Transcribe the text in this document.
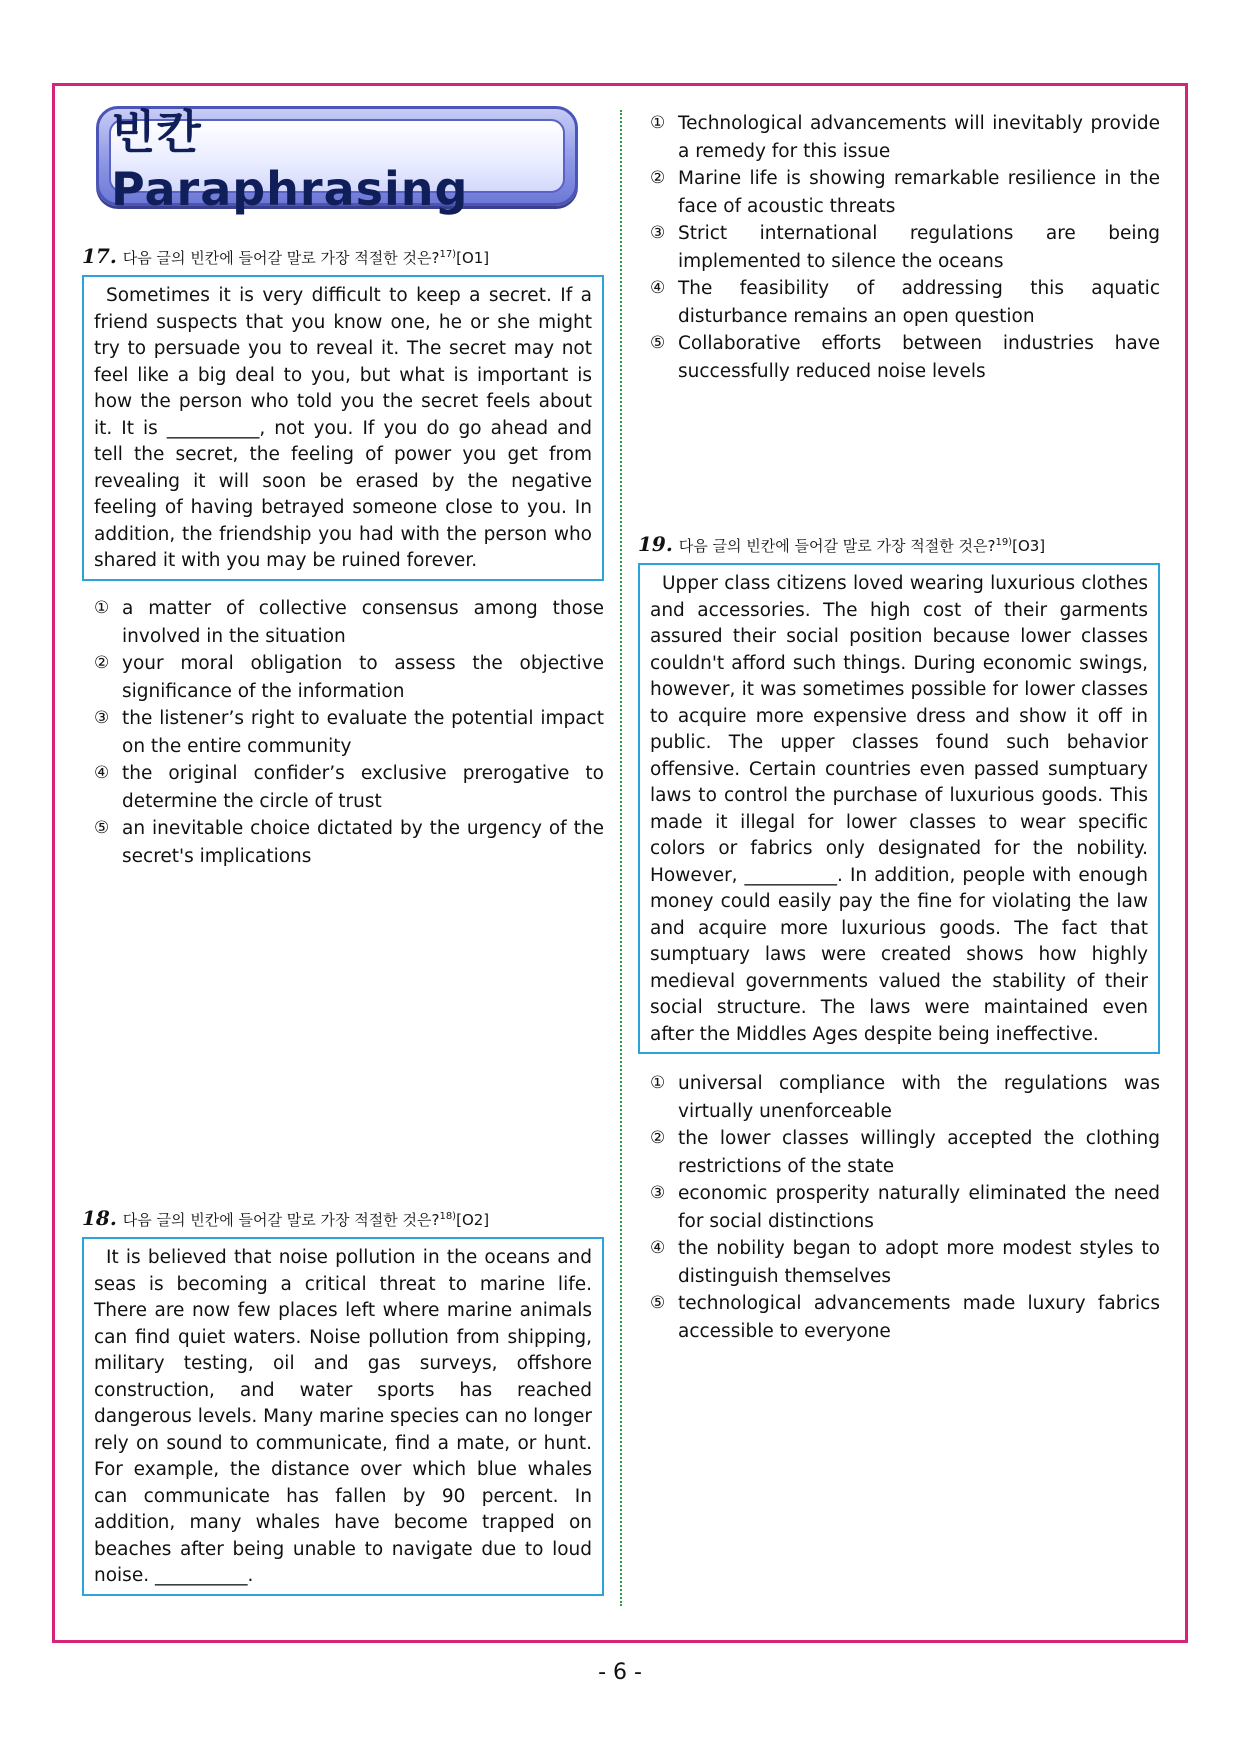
빈칸 Paraphrasing
17. 다음 글의 빈칸에 들어갈 말로 가장 적절한 것은?$^{17)}$[O1]

Sometimes it is very difficult to keep a secret. If a friend suspects that you know one, he or she might try to persuade you to reveal it. The secret may not feel like a big deal to you, but what is important is how the person who told you the secret feels about it. It is __________, not you. If you do go ahead and tell the secret, the feeling of power you get from revealing it will soon be erased by the negative feeling of having betrayed someone close to you. In addition, the friendship you had with the person who shared it with you may be ruined forever.

① a matter of collective consensus among those involved in the situation
② your moral obligation to assess the objective significance of the information
③ the listener’s right to evaluate the potential impact on the entire community
④ the original confider’s exclusive prerogative to determine the circle of trust
⑤ an inevitable choice dictated by the urgency of the secret's implications
18. 다음 글의 빈칸에 들어갈 말로 가장 적절한 것은?$^{18)}$[O2]

It is believed that noise pollution in the oceans and seas is becoming a critical threat to marine life. There are now few places left where marine animals can find quiet waters. Noise pollution from shipping, military testing, oil and gas surveys, offshore construction, and water sports has reached dangerous levels. Many marine species can no longer rely on sound to communicate, find a mate, or hunt. For example, the distance over which blue whales can communicate has fallen by 90 percent. In addition, many whales have become trapped on beaches after being unable to navigate due to loud noise. __________.

① Technological advancements will inevitably provide a remedy for this issue
② Marine life is showing remarkable resilience in the face of acoustic threats
③ Strict international regulations are being implemented to silence the oceans
④ The feasibility of addressing this aquatic disturbance remains an open question
⑤ Collaborative efforts between industries have successfully reduced noise levels
19. 다음 글의 빈칸에 들어갈 말로 가장 적절한 것은?$^{19)}$[O3]

Upper class citizens loved wearing luxurious clothes and accessories. The high cost of their garments assured their social position because lower classes couldn't afford such things. During economic swings, however, it was sometimes possible for lower classes to acquire more expensive dress and show it off in public. The upper classes found such behavior offensive. Certain countries even passed sumptuary laws to control the purchase of luxurious goods. This made it illegal for lower classes to wear specific colors or fabrics only designated for the nobility. However, __________. In addition, people with enough money could easily pay the fine for violating the law and acquire more luxurious goods. The fact that sumptuary laws were created shows how highly medieval governments valued the stability of their social structure. The laws were maintained even after the Middles Ages despite being ineffective.

① universal compliance with the regulations was virtually unenforceable
② the lower classes willingly accepted the clothing restrictions of the state
③ economic prosperity naturally eliminated the need for social distinctions
④ the nobility began to adopt more modest styles to distinguish themselves
⑤ technological advancements made luxury fabrics accessible to everyone
- 6 -
